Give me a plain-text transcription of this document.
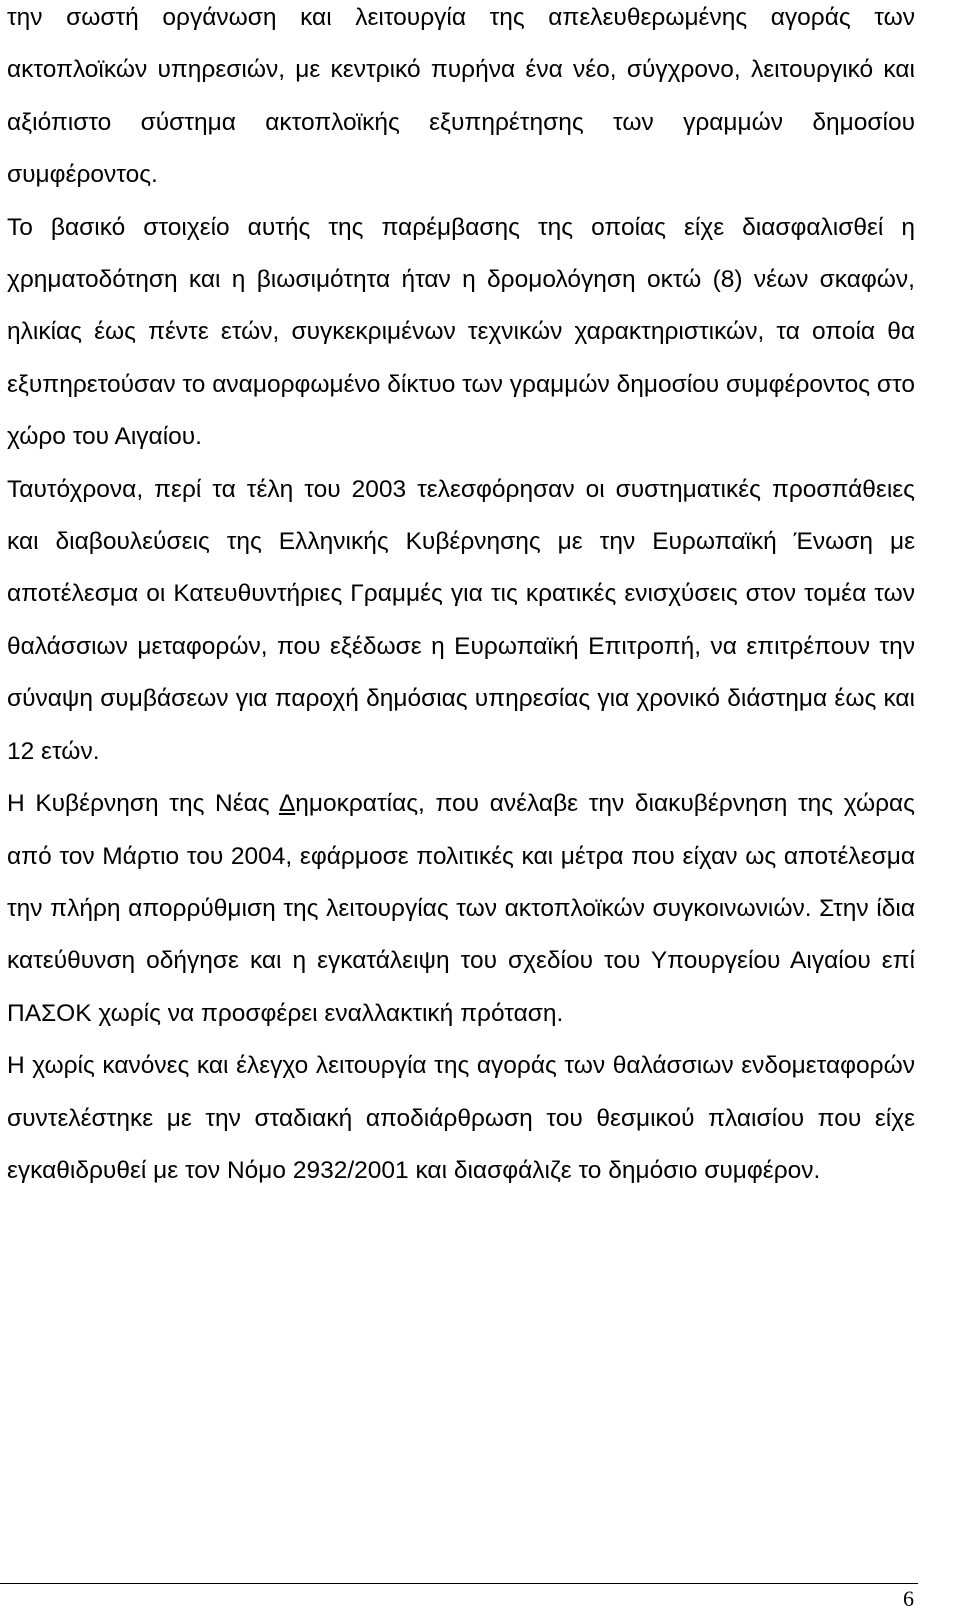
την σωστή οργάνωση και λειτουργία της απελευθερωμένης αγοράς των ακτοπλοϊκών υπηρεσιών, με κεντρικό πυρήνα ένα νέο, σύγχρονο, λειτουργικό και αξιόπιστο σύστημα ακτοπλοϊκής εξυπηρέτησης των γραμμών δημοσίου συμφέροντος.

Το βασικό στοιχείο αυτής της παρέμβασης της οποίας είχε διασφαλισθεί η χρηματοδότηση και η βιωσιμότητα ήταν η δρομολόγηση οκτώ (8) νέων σκαφών, ηλικίας έως πέντε ετών, συγκεκριμένων τεχνικών χαρακτηριστικών, τα οποία θα εξυπηρετούσαν το αναμορφωμένο δίκτυο των γραμμών δημοσίου συμφέροντος στο χώρο του Αιγαίου.

Ταυτόχρονα, περί τα τέλη του 2003 τελεσφόρησαν οι συστηματικές προσπάθειες και διαβουλεύσεις της Ελληνικής Κυβέρνησης με την Ευρωπαϊκή Ένωση με αποτέλεσμα οι Κατευθυντήριες Γραμμές για τις κρατικές ενισχύσεις στον τομέα των θαλάσσιων μεταφορών, που εξέδωσε η Ευρωπαϊκή Επιτροπή, να επιτρέπουν την σύναψη συμβάσεων για παροχή δημόσιας υπηρεσίας για χρονικό διάστημα έως και 12 ετών.

Η Κυβέρνηση της Νέας Δημοκρατίας, που ανέλαβε την διακυβέρνηση της χώρας από τον Μάρτιο του 2004, εφάρμοσε πολιτικές και μέτρα που είχαν ως αποτέλεσμα την πλήρη απορρύθμιση της λειτουργίας των ακτοπλοϊκών συγκοινωνιών. Στην ίδια κατεύθυνση οδήγησε και η εγκατάλειψη του σχεδίου του Υπουργείου Αιγαίου επί ΠΑΣΟΚ χωρίς να προσφέρει εναλλακτική πρόταση.

Η χωρίς κανόνες και έλεγχο λειτουργία της αγοράς των θαλάσσιων ενδομεταφορών συντελέστηκε με την σταδιακή αποδιάρθρωση του θεσμικού πλαισίου που είχε εγκαθιδρυθεί με τον Νόμο 2932/2001 και διασφάλιζε το δημόσιο συμφέρον.

6
